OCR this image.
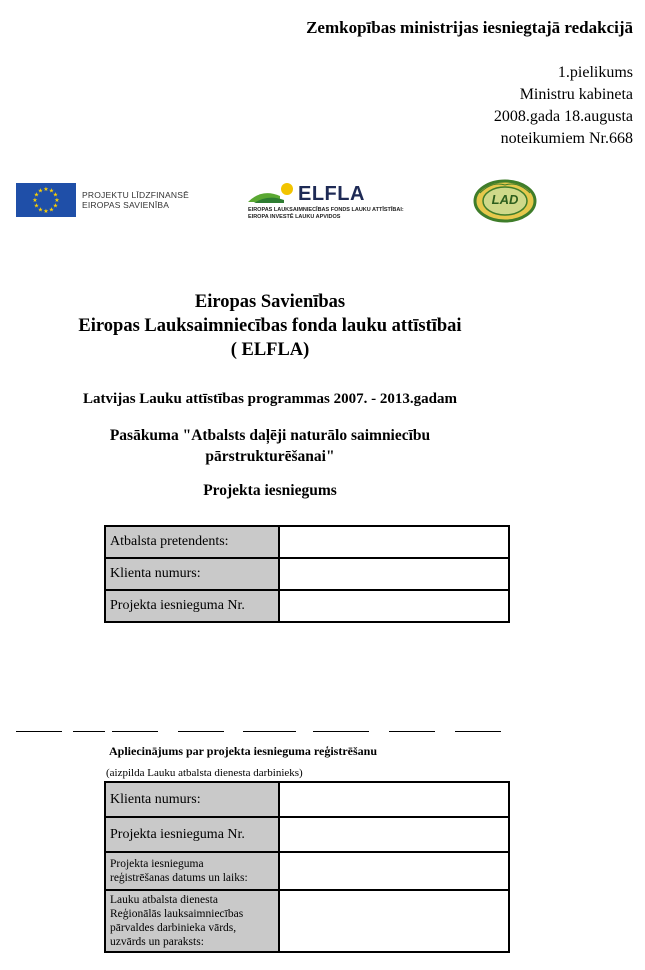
Zemkopības ministrijas iesniegtajā redakcijā
1.pielikums
Ministru kabineta
2008.gada 18.augusta
noteikumiem Nr.668
★ ★
★
★
★
★
★
★
★
★
★
★	PROJEKTU LĪDZFINANSĒ
EIROPAS SAVIENĪBA	ELFLA
EIROPAS LAUKSAIMNIECĪBAS FONDS LAUKU ATTĪSTĪBAI:
EIROPA INVESTĒ LAUKU APVIDOS
LAD
Eiropas Savienības
Eiropas Lauksaimniecības fonda lauku attīstībai
( ELFLA)
Latvijas Lauku attīstības programmas 2007. - 2013.gadam
Pasākuma "Atbalsts daļēji naturālo saimniecību
pārstrukturēšanai"
Projekta iesniegums
Atbalsta pretendents:	
Klienta numurs:	
Projekta iesnieguma Nr.	
Apliecinājums par projekta iesnieguma reģistrēšanu
(aizpilda Lauku atbalsta dienesta darbinieks)
Klienta numurs:	
Projekta iesnieguma Nr.	

Projekta iesnieguma
reģistrēšanas datums un laiks:	

Lauku atbalsta dienesta
Reģionālās lauksaimniecības
pārvaldes darbinieka vārds,
uzvārds un paraksts:	
